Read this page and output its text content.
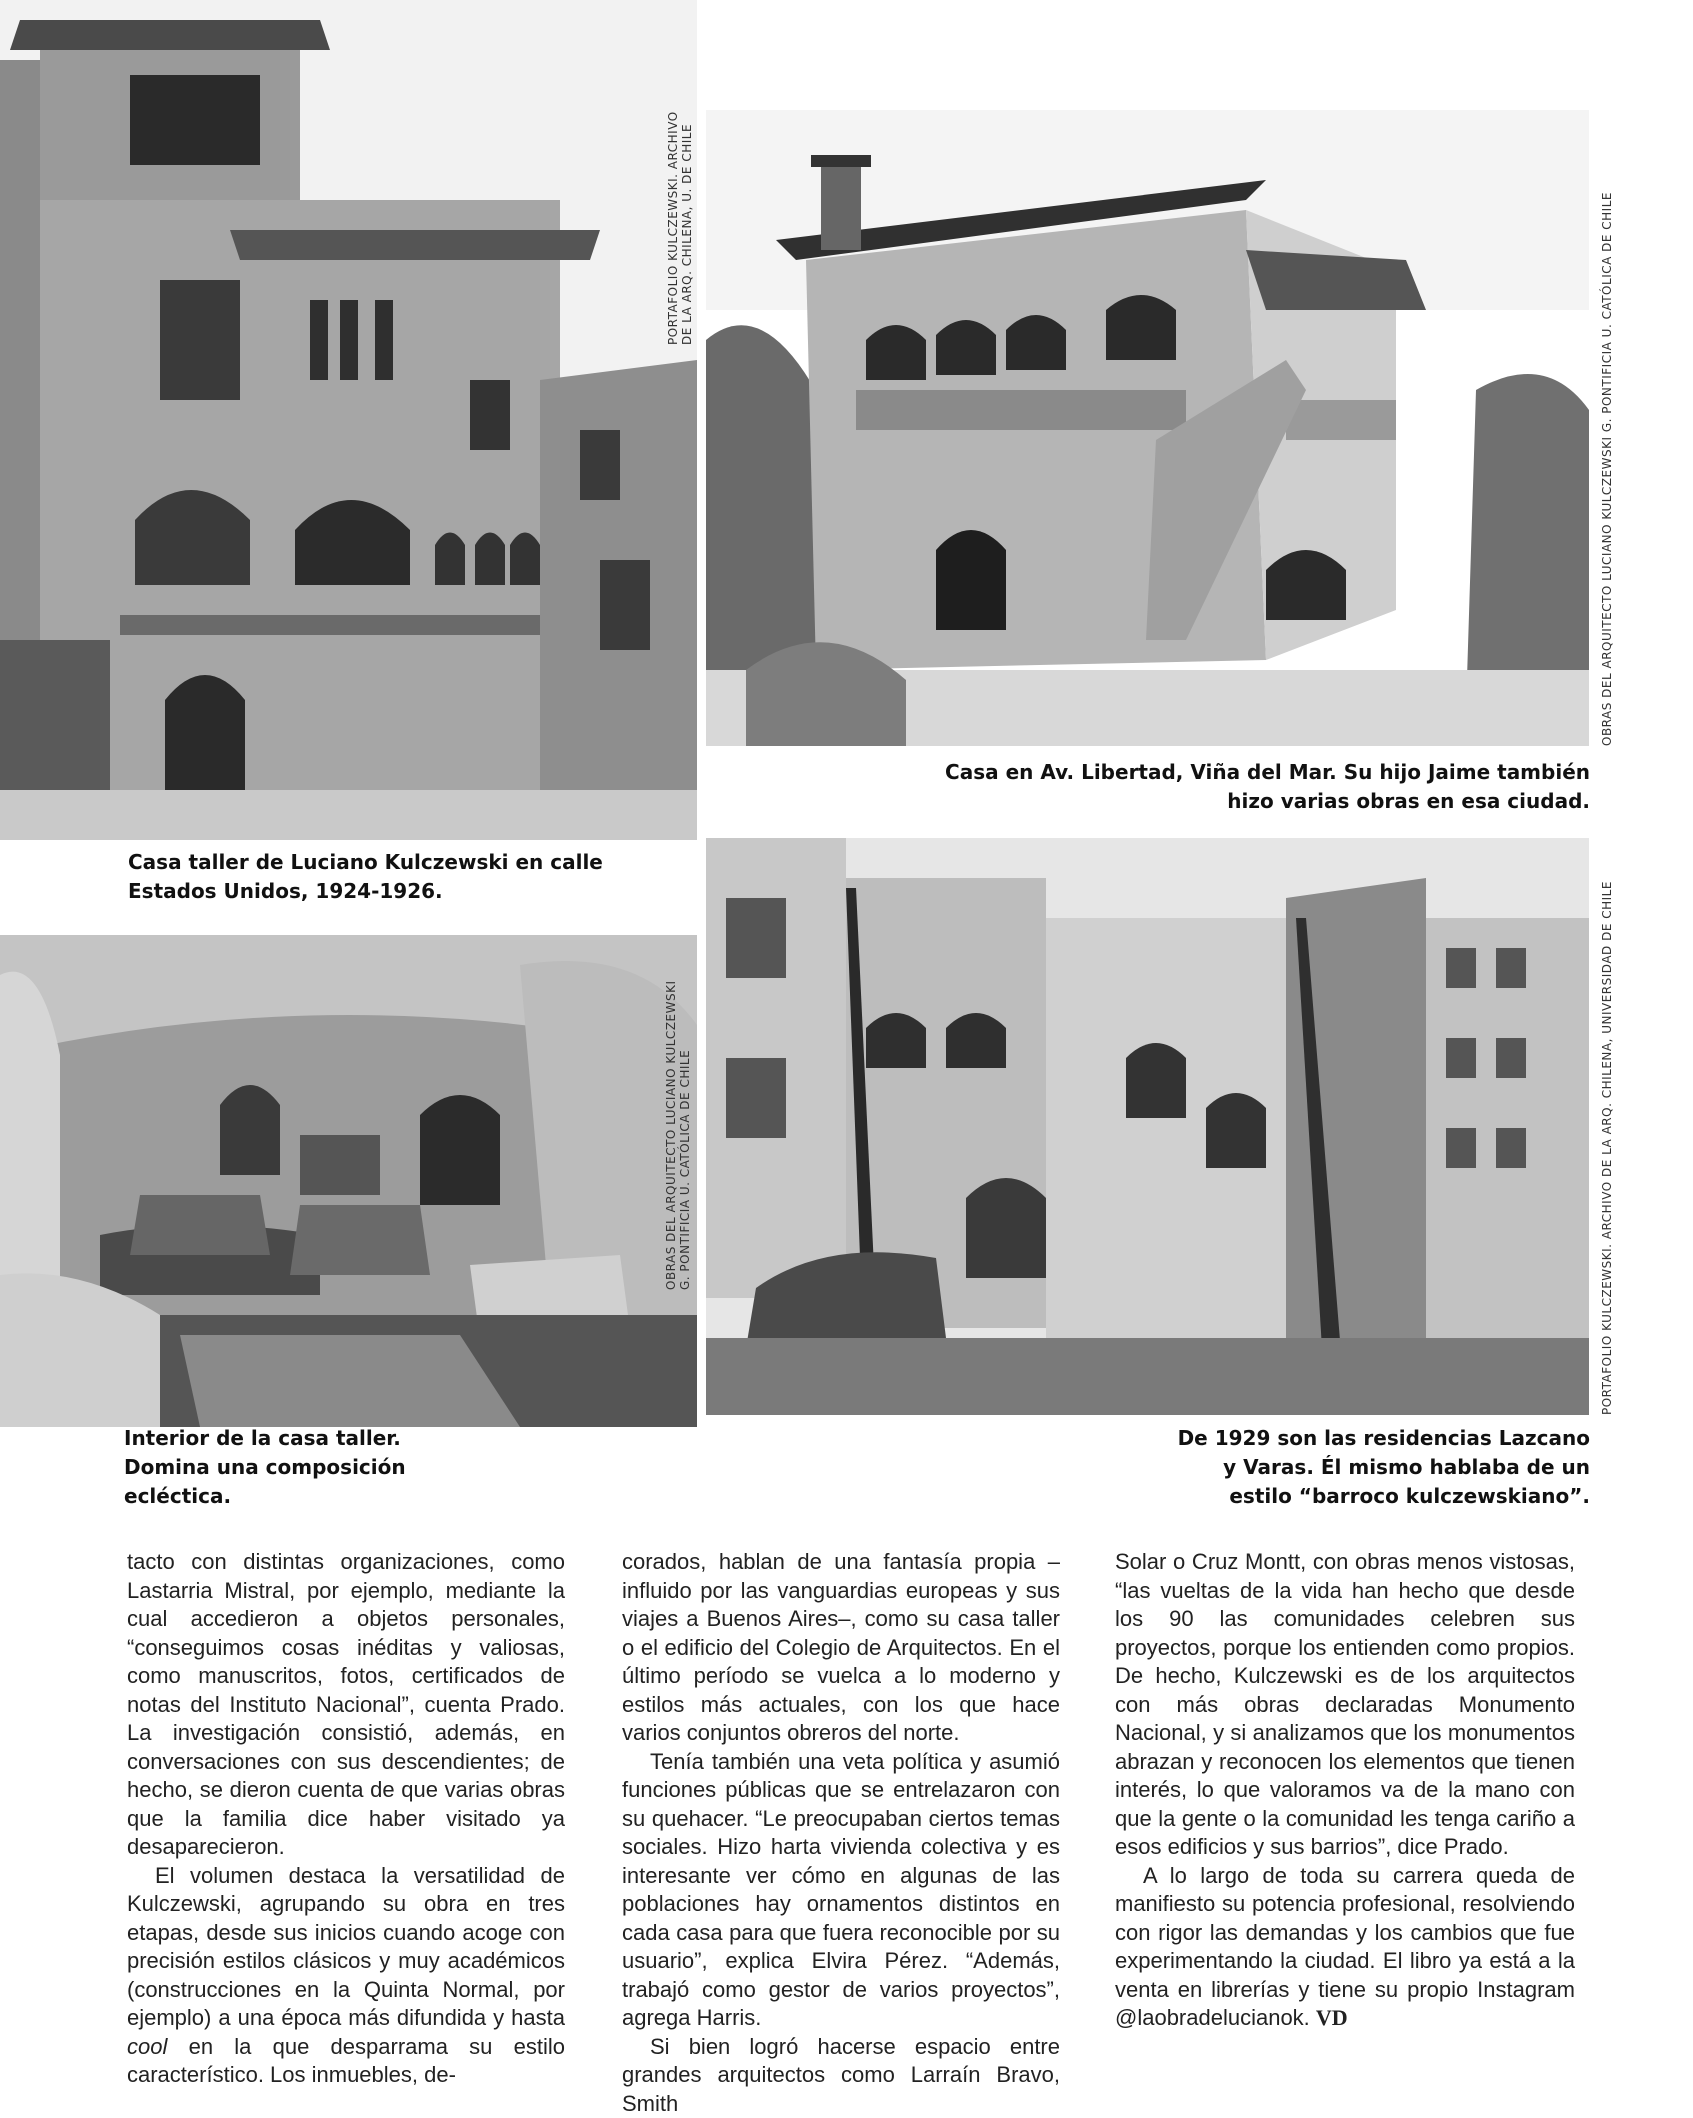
PORTAFOLIO KULCZEWSKI. ARCHIVO DE LA ARQ. CHILENA, U. DE CHILE	OBRAS DEL ARQUITECTO LUCIANO KULCZEWSKI G. PONTIFICIA U. CATÓLICA DE CHILE
Casa en Av. Libertad, Viña del Mar. Su hijo Jaime también hizo varias obras en esa ciudad.
Casa taller de Luciano Kulczewski en calle Estados Unidos, 1924-1926.
OBRAS DEL ARQUITECTO LUCIANO KULCZEWSKI G. PONTIFICIA U. CATÓLICA DE CHILE	PORTAFOLIO KULCZEWSKI. ARCHIVO DE LA ARQ. CHILENA, UNIVERSIDAD DE CHILE
Interior de la casa taller. Domina una composición ecléctica.
De 1929 son las residencias Lazcano y Varas. Él mismo hablaba de un estilo “barroco kulczewskiano”.

tacto con distintas organizaciones, como Lastarria Mistral, por ejemplo, mediante la cual accedieron a objetos personales, “conseguimos cosas inéditas y valiosas, como manuscritos, fotos, certificados de notas del Instituto Nacional”, cuenta Prado. La investigación consistió, además, en conversaciones con sus descendientes; de hecho, se dieron cuenta de que varias obras que la familia dice haber visitado ya desaparecieron.

El volumen destaca la versatilidad de Kulczewski, agrupando su obra en tres etapas, desde sus inicios cuando acoge con precisión estilos clásicos y muy académicos (construcciones en la Quinta Normal, por ejemplo) a una época más difundida y hasta cool en la que desparrama su estilo característico. Los inmuebles, de-

corados, hablan de una fantasía propia –influido por las vanguardias europeas y sus viajes a Buenos Aires–, como su casa taller o el edificio del Colegio de Arquitectos. En el último período se vuelca a lo moderno y estilos más actuales, con los que hace varios conjuntos obreros del norte.

Tenía también una veta política y asumió funciones públicas que se entrelazaron con su quehacer. “Le preocupaban ciertos temas sociales. Hizo harta vivienda colectiva y es interesante ver cómo en algunas de las poblaciones hay ornamentos distintos en cada casa para que fuera reconocible por su usuario”, explica Elvira Pérez. “Además, trabajó como gestor de varios proyectos”, agrega Harris.

Si bien logró hacerse espacio entre grandes arquitectos como Larraín Bravo, Smith

Solar o Cruz Montt, con obras menos vistosas, “las vueltas de la vida han hecho que desde los 90 las comunidades celebren sus proyectos, porque los entienden como propios. De hecho, Kulczewski es de los arquitectos con más obras declaradas Monumento Nacional, y si analizamos que los monumentos abrazan y reconocen los elementos que tienen interés, lo que valoramos va de la mano con que la gente o la comunidad les tenga cariño a esos edificios y sus barrios”, dice Prado.

A lo largo de toda su carrera queda de manifiesto su potencia profesional, resolviendo con rigor las demandas y los cambios que fue experimentando la ciudad. El libro ya está a la venta en librerías y tiene su propio Instagram @laobradelucianok. VD
